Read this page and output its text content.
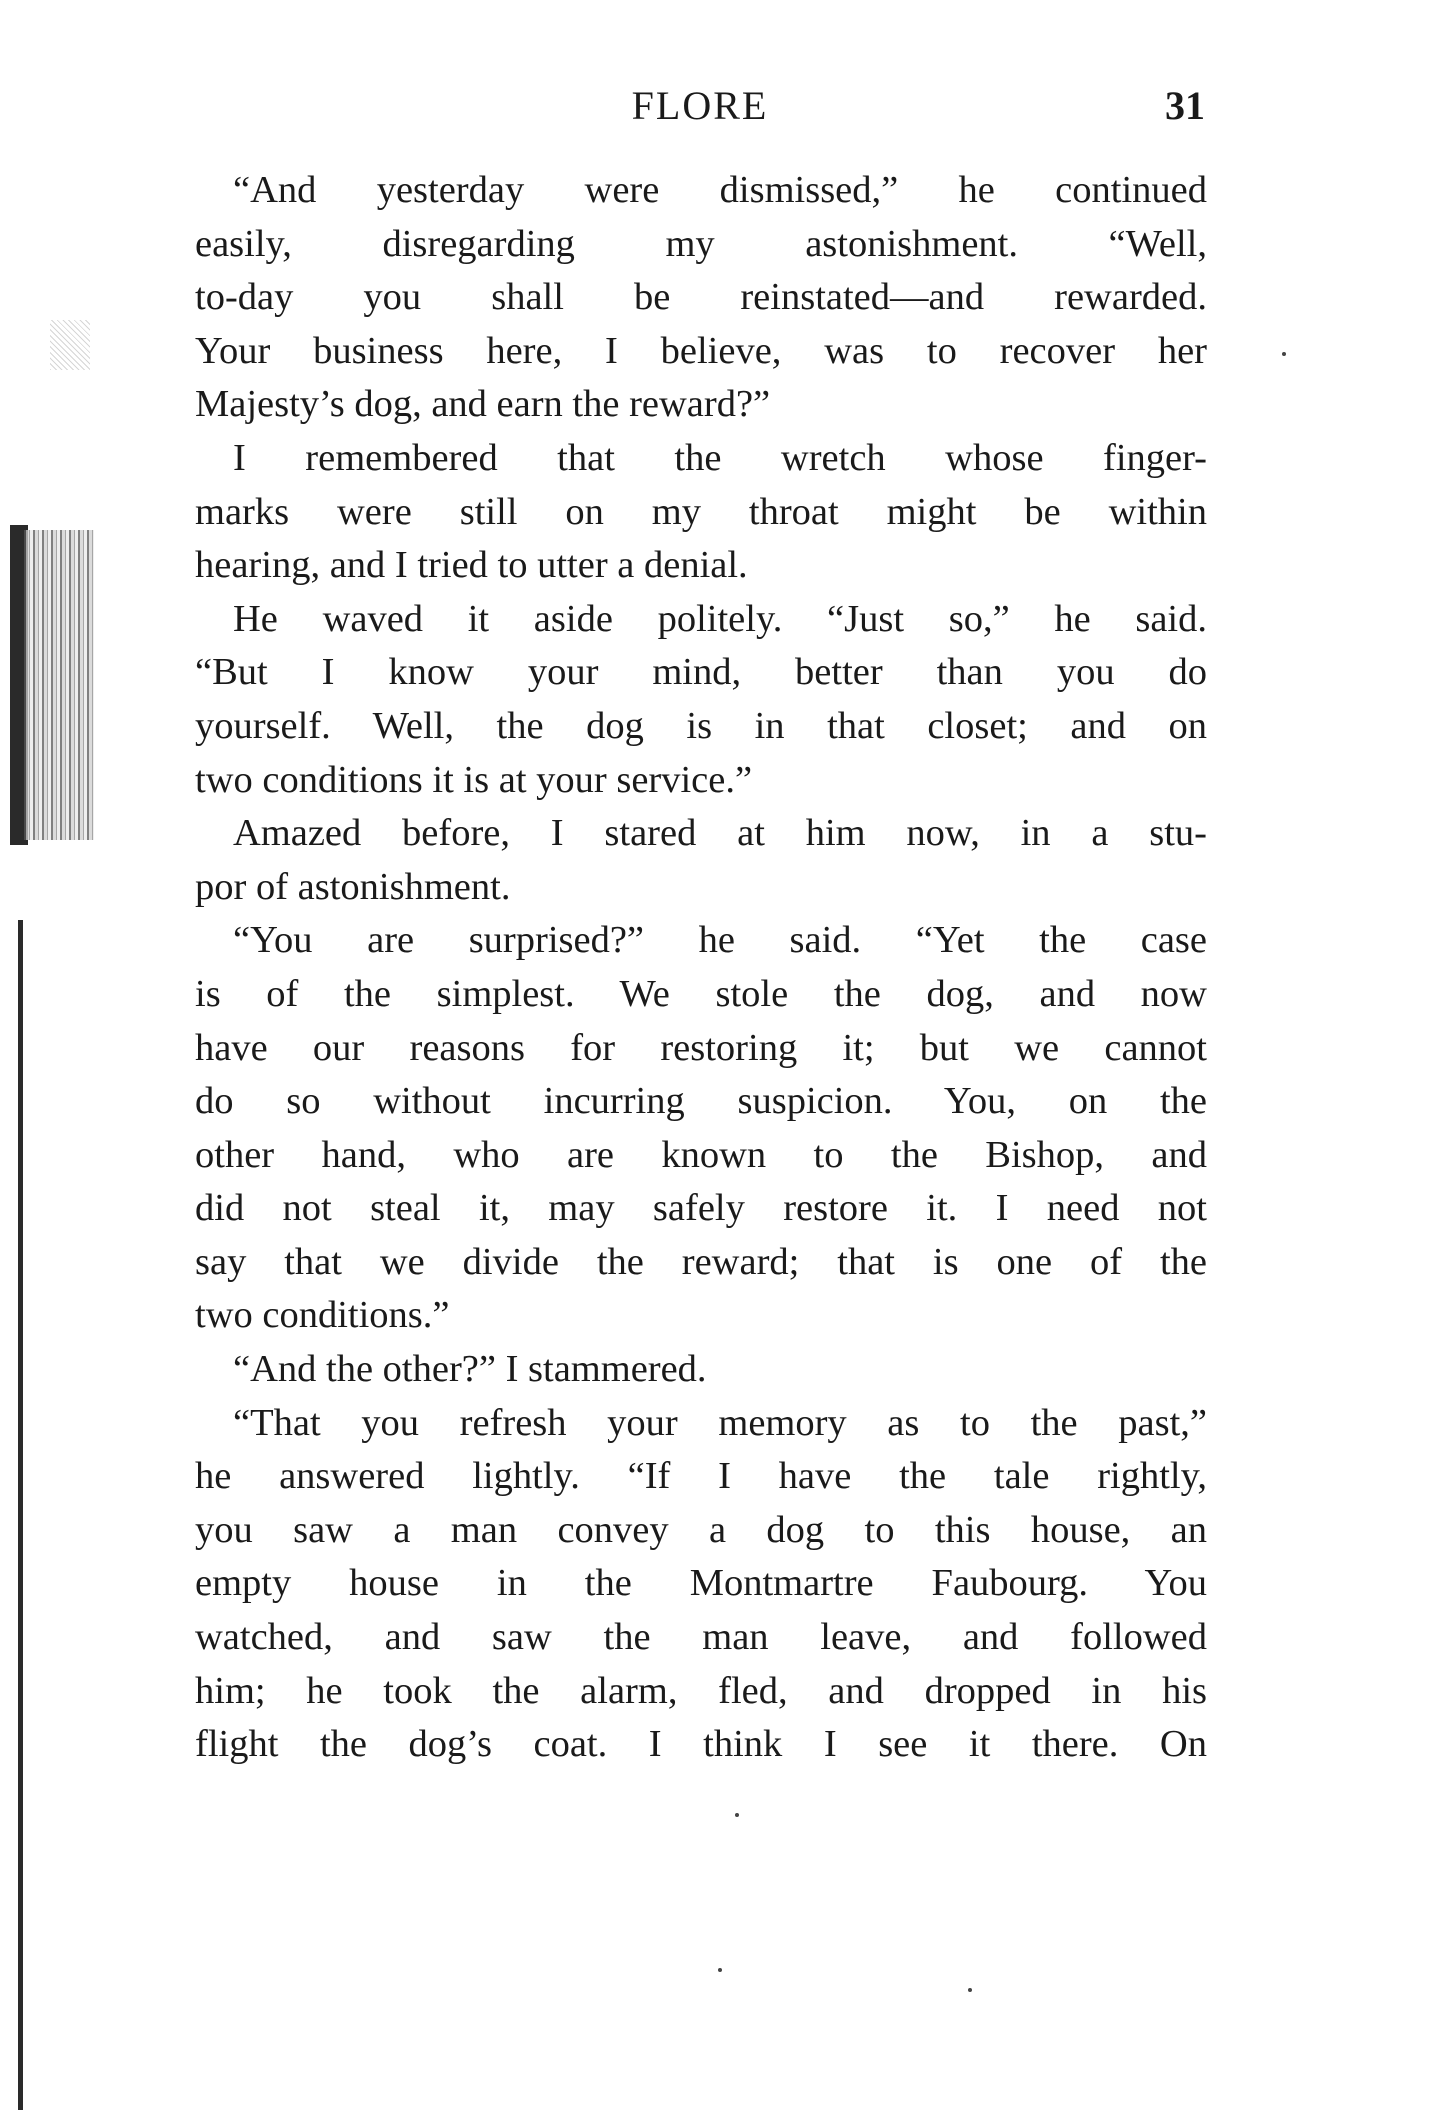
FLORE	31
“And yesterday were dismissed,” he continued
easily, disregarding my astonishment. “Well,
to-day you shall be reinstated—and rewarded.
Your business here, I believe, was to recover her
Majesty’s dog, and earn the reward?”
I remembered that the wretch whose finger-
marks were still on my throat might be within
hearing, and I tried to utter a denial.
He waved it aside politely. “Just so,” he said.
“But I know your mind, better than you do
yourself. Well, the dog is in that closet; and on
two conditions it is at your service.”
Amazed before, I stared at him now, in a stu-
por of astonishment.
“You are surprised?” he said. “Yet the case
is of the simplest. We stole the dog, and now
have our reasons for restoring it; but we cannot
do so without incurring suspicion. You, on the
other hand, who are known to the Bishop, and
did not steal it, may safely restore it. I need not
say that we divide the reward; that is one of the
two conditions.”
“And the other?” I stammered.
“That you refresh your memory as to the past,”
he answered lightly. “If I have the tale rightly,
you saw a man convey a dog to this house, an
empty house in the Montmartre Faubourg. You
watched, and saw the man leave, and followed
him; he took the alarm, fled, and dropped in his
flight the dog’s coat. I think I see it there. On
